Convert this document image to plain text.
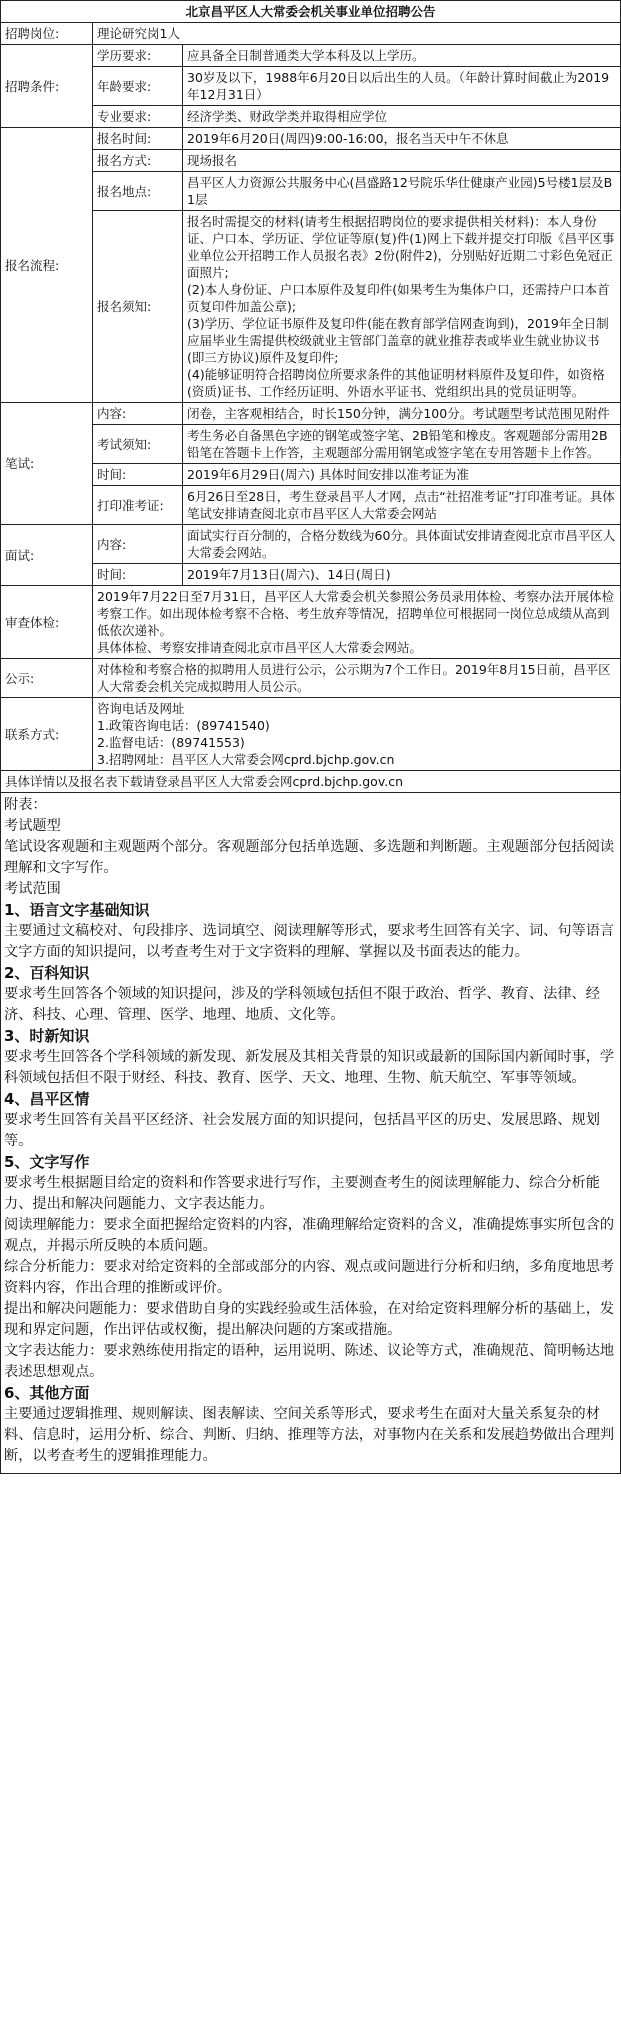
北京昌平区人大常委会机关事业单位招聘公告		
招聘岗位:	理论研究岗1人	
招聘条件:	学历要求:	应具备全日制普通类大学本科及以上学历。
	年龄要求:	30岁及以下，1988年6月20日以后出生的人员。（年龄计算时间截止为2019年12月31日）
	专业要求:	经济学类、财政学类并取得相应学位
报名流程:	报名时间:	2019年6月20日(周四)9:00-16:00，报名当天中午不休息
	报名方式:	现场报名
	报名地点:	昌平区人力资源公共服务中心(昌盛路12号院乐华仕健康产业园)5号楼1层及B1层
	报名须知:	报名时需提交的材料(请考生根据招聘岗位的要求提供相关材料)：本人身份证、户口本、学历证、学位证等原(复)件(1)网上下载并提交打印版《昌平区事业单位公开招聘工作人员报名表》2份(附件2)，分别贴好近期二寸彩色免冠正面照片;
(2)本人身份证、户口本原件及复印件(如果考生为集体户口，还需持户口本首页复印件加盖公章);
(3)学历、学位证书原件及复印件(能在教育部学信网查询到)，2019年全日制应届毕业生需提供校级就业主管部门盖章的就业推荐表或毕业生就业协议书(即三方协议)原件及复印件;
(4)能够证明符合招聘岗位所要求条件的其他证明材料原件及复印件，如资格(资质)证书、工作经历证明、外语水平证书、党组织出具的党员证明等。
笔试:	内容:	闭卷，主客观相结合，时长150分钟，满分100分。考试题型考试范围见附件
	考试须知:	考生务必自备黑色字迹的钢笔或签字笔、2B铅笔和橡皮。客观题部分需用2B铅笔在答题卡上作答，主观题部分需用钢笔或签字笔在专用答题卡上作答。
	时间:	2019年6月29日(周六) 具体时间安排以准考证为准
	打印准考证:	6月26日至28日，考生登录昌平人才网，点击“社招准考证”打印准考证。具体笔试安排请查阅北京市昌平区人大常委会网站
面试:	内容:	面试实行百分制的，合格分数线为60分。具体面试安排请查阅北京市昌平区人大常委会网站。
	时间:	2019年7月13日(周六)、14日(周日)
审查体检:	2019年7月22日至7月31日，昌平区人大常委会机关参照公务员录用体检、考察办法开展体检考察工作。如出现体检考察不合格、考生放弃等情况，招聘单位可根据同一岗位总成绩从高到低依次递补。
具体体检、考察安排请查阅北京市昌平区人大常委会网站。	
公示:	对体检和考察合格的拟聘用人员进行公示，公示期为7个工作日。2019年8月15日前，昌平区人大常委会机关完成拟聘用人员公示。	
联系方式:	咨询电话及网址
1.政策咨询电话：(89741540)
2.监督电话：(89741553)
3.招聘网址：昌平区人大常委会网cprd.bjchp.gov.cn	
具体详情以及报名表下载请登录昌平区人大常委会网cprd.bjchp.gov.cn		

附表：

考试题型

笔试设客观题和主观题两个部分。客观题部分包括单选题、多选题和判断题。主观题部分包括阅读理解和文字写作。

考试范围

1、语言文字基础知识

主要通过文稿校对、句段排序、选词填空、阅读理解等形式，要求考生回答有关字、词、句等语言文字方面的知识提问，以考查考生对于文字资料的理解、掌握以及书面表达的能力。

2、百科知识

要求考生回答各个领域的知识提问，涉及的学科领域包括但不限于政治、哲学、教育、法律、经济、科技、心理、管理、医学、地理、地质、文化等。

3、时新知识

要求考生回答各个学科领域的新发现、新发展及其相关背景的知识或最新的国际国内新闻时事，学科领域包括但不限于财经、科技、教育、医学、天文、地理、生物、航天航空、军事等领域。

4、昌平区情

要求考生回答有关昌平区经济、社会发展方面的知识提问，包括昌平区的历史、发展思路、规划等。

5、文字写作

要求考生根据题目给定的资料和作答要求进行写作，主要测查考生的阅读理解能力、综合分析能力、提出和解决问题能力、文字表达能力。

阅读理解能力：要求全面把握给定资料的内容，准确理解给定资料的含义，准确提炼事实所包含的观点，并揭示所反映的本质问题。

综合分析能力：要求对给定资料的全部或部分的内容、观点或问题进行分析和归纳，多角度地思考资料内容，作出合理的推断或评价。

提出和解决问题能力：要求借助自身的实践经验或生活体验，在对给定资料理解分析的基础上，发现和界定问题，作出评估或权衡，提出解决问题的方案或措施。

文字表达能力：要求熟练使用指定的语种，运用说明、陈述、议论等方式，准确规范、简明畅达地表述思想观点。

6、其他方面

主要通过逻辑推理、规则解读、图表解读、空间关系等形式，要求考生在面对大量关系复杂的材料、信息时，运用分析、综合、判断、归纳、推理等方法，对事物内在关系和发展趋势做出合理判断，以考查考生的逻辑推理能力。
